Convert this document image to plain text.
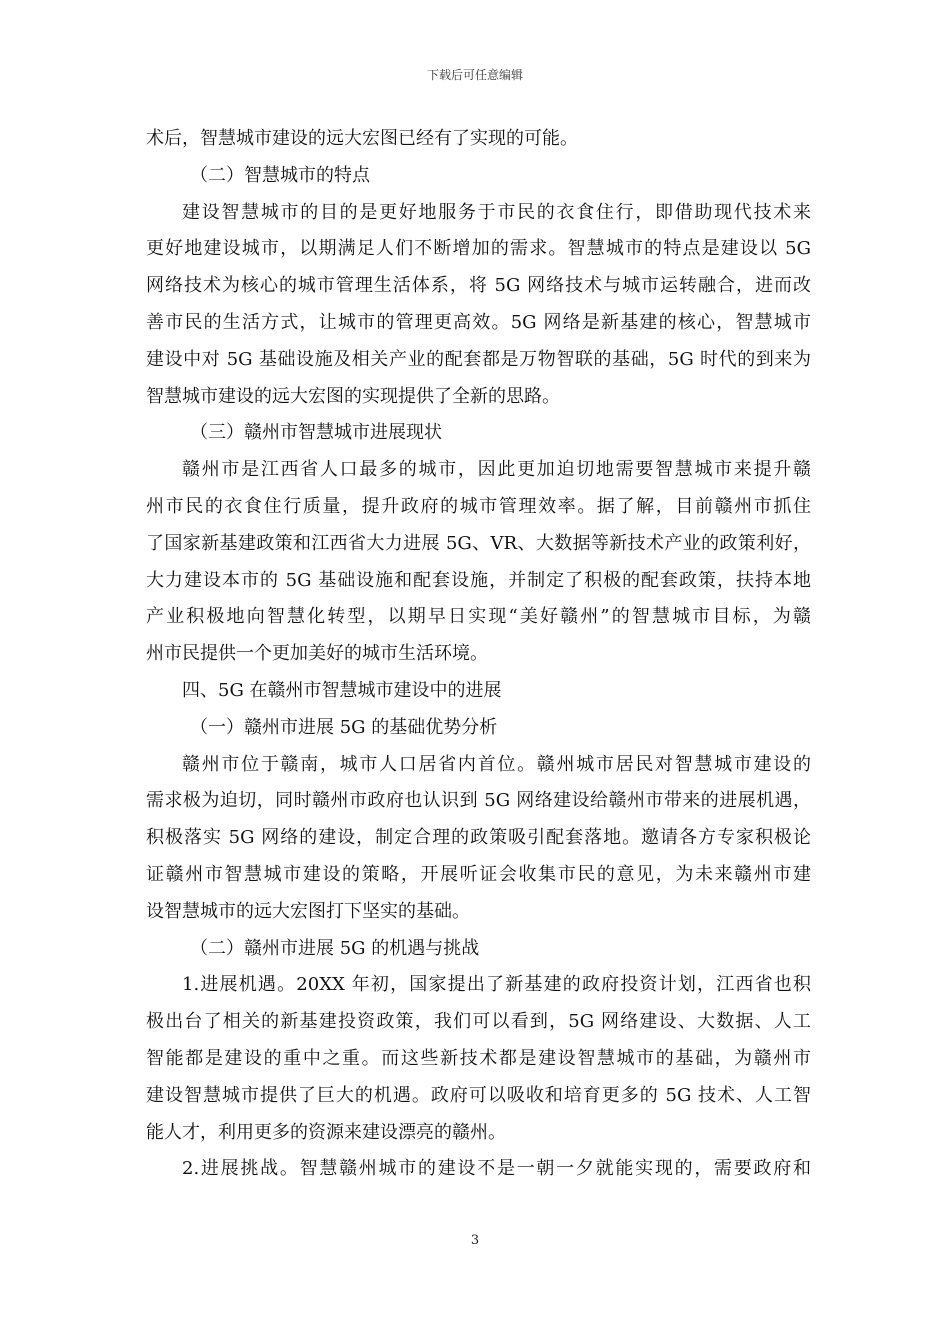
下载后可任意编辑
术后，智慧城市建设的远大宏图已经有了实现的可能。
（二）智慧城市的特点
建设智慧城市的目的是更好地服务于市民的衣食住行，即借助现代技术来
更好地建设城市，以期满足人们不断增加的需求。智慧城市的特点是建设以 5G
网络技术为核心的城市管理生活体系，将 5G 网络技术与城市运转融合，进而改
善市民的生活方式，让城市的管理更高效。5G 网络是新基建的核心，智慧城市
建设中对 5G 基础设施及相关产业的配套都是万物智联的基础，5G 时代的到来为
智慧城市建设的远大宏图的实现提供了全新的思路。
（三）赣州市智慧城市进展现状
赣州市是江西省人口最多的城市，因此更加迫切地需要智慧城市来提升赣
州市民的衣食住行质量，提升政府的城市管理效率。据了解，目前赣州市抓住
了国家新基建政策和江西省大力进展 5G、VR、大数据等新技术产业的政策利好，
大力建设本市的 5G 基础设施和配套设施，并制定了积极的配套政策，扶持本地
产业积极地向智慧化转型，以期早日实现“美好赣州”的智慧城市目标，为赣
州市民提供一个更加美好的城市生活环境。
四、5G 在赣州市智慧城市建设中的进展
（一）赣州市进展 5G 的基础优势分析
赣州市位于赣南，城市人口居省内首位。赣州城市居民对智慧城市建设的
需求极为迫切，同时赣州市政府也认识到 5G 网络建设给赣州市带来的进展机遇，
积极落实 5G 网络的建设，制定合理的政策吸引配套落地。邀请各方专家积极论
证赣州市智慧城市建设的策略，开展听证会收集市民的意见，为未来赣州市建
设智慧城市的远大宏图打下坚实的基础。
（二）赣州市进展 5G 的机遇与挑战
1.进展机遇。20XX 年初，国家提出了新基建的政府投资计划，江西省也积
极出台了相关的新基建投资政策，我们可以看到，5G 网络建设、大数据、人工
智能都是建设的重中之重。而这些新技术都是建设智慧城市的基础，为赣州市
建设智慧城市提供了巨大的机遇。政府可以吸收和培育更多的 5G 技术、人工智
能人才，利用更多的资源来建设漂亮的赣州。
2.进展挑战。智慧赣州城市的建设不是一朝一夕就能实现的，需要政府和
3
